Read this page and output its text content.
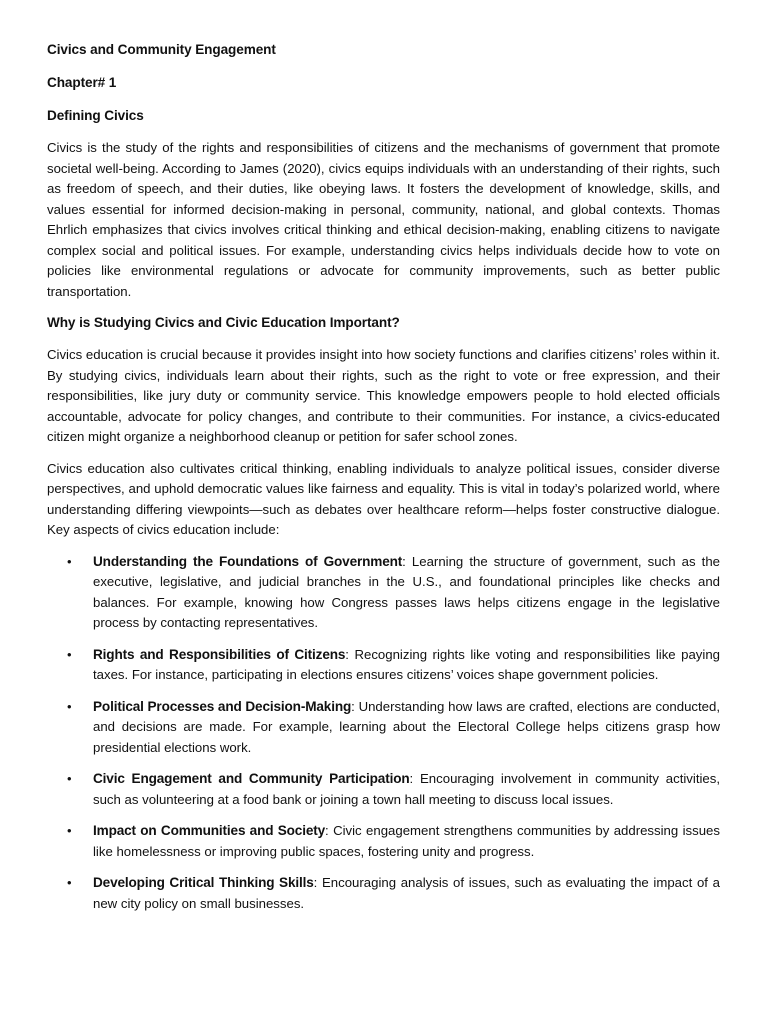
Civics and Community Engagement
Chapter# 1
Defining Civics

Civics is the study of the rights and responsibilities of citizens and the mechanisms of government that promote societal well-being. According to James (2020), civics equips individuals with an understanding of their rights, such as freedom of speech, and their duties, like obeying laws. It fosters the development of knowledge, skills, and values essential for informed decision-making in personal, community, national, and global contexts. Thomas Ehrlich emphasizes that civics involves critical thinking and ethical decision-making, enabling citizens to navigate complex social and political issues. For example, understanding civics helps individuals decide how to vote on policies like environmental regulations or advocate for community improvements, such as better public transportation.

Why is Studying Civics and Civic Education Important?

Civics education is crucial because it provides insight into how society functions and clarifies citizens’ roles within it. By studying civics, individuals learn about their rights, such as the right to vote or free expression, and their responsibilities, like jury duty or community service. This knowledge empowers people to hold elected officials accountable, advocate for policy changes, and contribute to their communities. For instance, a civics-educated citizen might organize a neighborhood cleanup or petition for safer school zones.

Civics education also cultivates critical thinking, enabling individuals to analyze political issues, consider diverse perspectives, and uphold democratic values like fairness and equality. This is vital in today’s polarized world, where understanding differing viewpoints—such as debates over healthcare reform—helps foster constructive dialogue. Key aspects of civics education include:

• Understanding the Foundations of Government: Learning the structure of government, such as the executive, legislative, and judicial branches in the U.S., and foundational principles like checks and balances. For example, knowing how Congress passes laws helps citizens engage in the legislative process by contacting representatives.
• Rights and Responsibilities of Citizens: Recognizing rights like voting and responsibilities like paying taxes. For instance, participating in elections ensures citizens’ voices shape government policies.
• Political Processes and Decision-Making: Understanding how laws are crafted, elections are conducted, and decisions are made. For example, learning about the Electoral College helps citizens grasp how presidential elections work.
• Civic Engagement and Community Participation: Encouraging involvement in community activities, such as volunteering at a food bank or joining a town hall meeting to discuss local issues.
• Impact on Communities and Society: Civic engagement strengthens communities by addressing issues like homelessness or improving public spaces, fostering unity and progress.
• Developing Critical Thinking Skills: Encouraging analysis of issues, such as evaluating the impact of a new city policy on small businesses.
